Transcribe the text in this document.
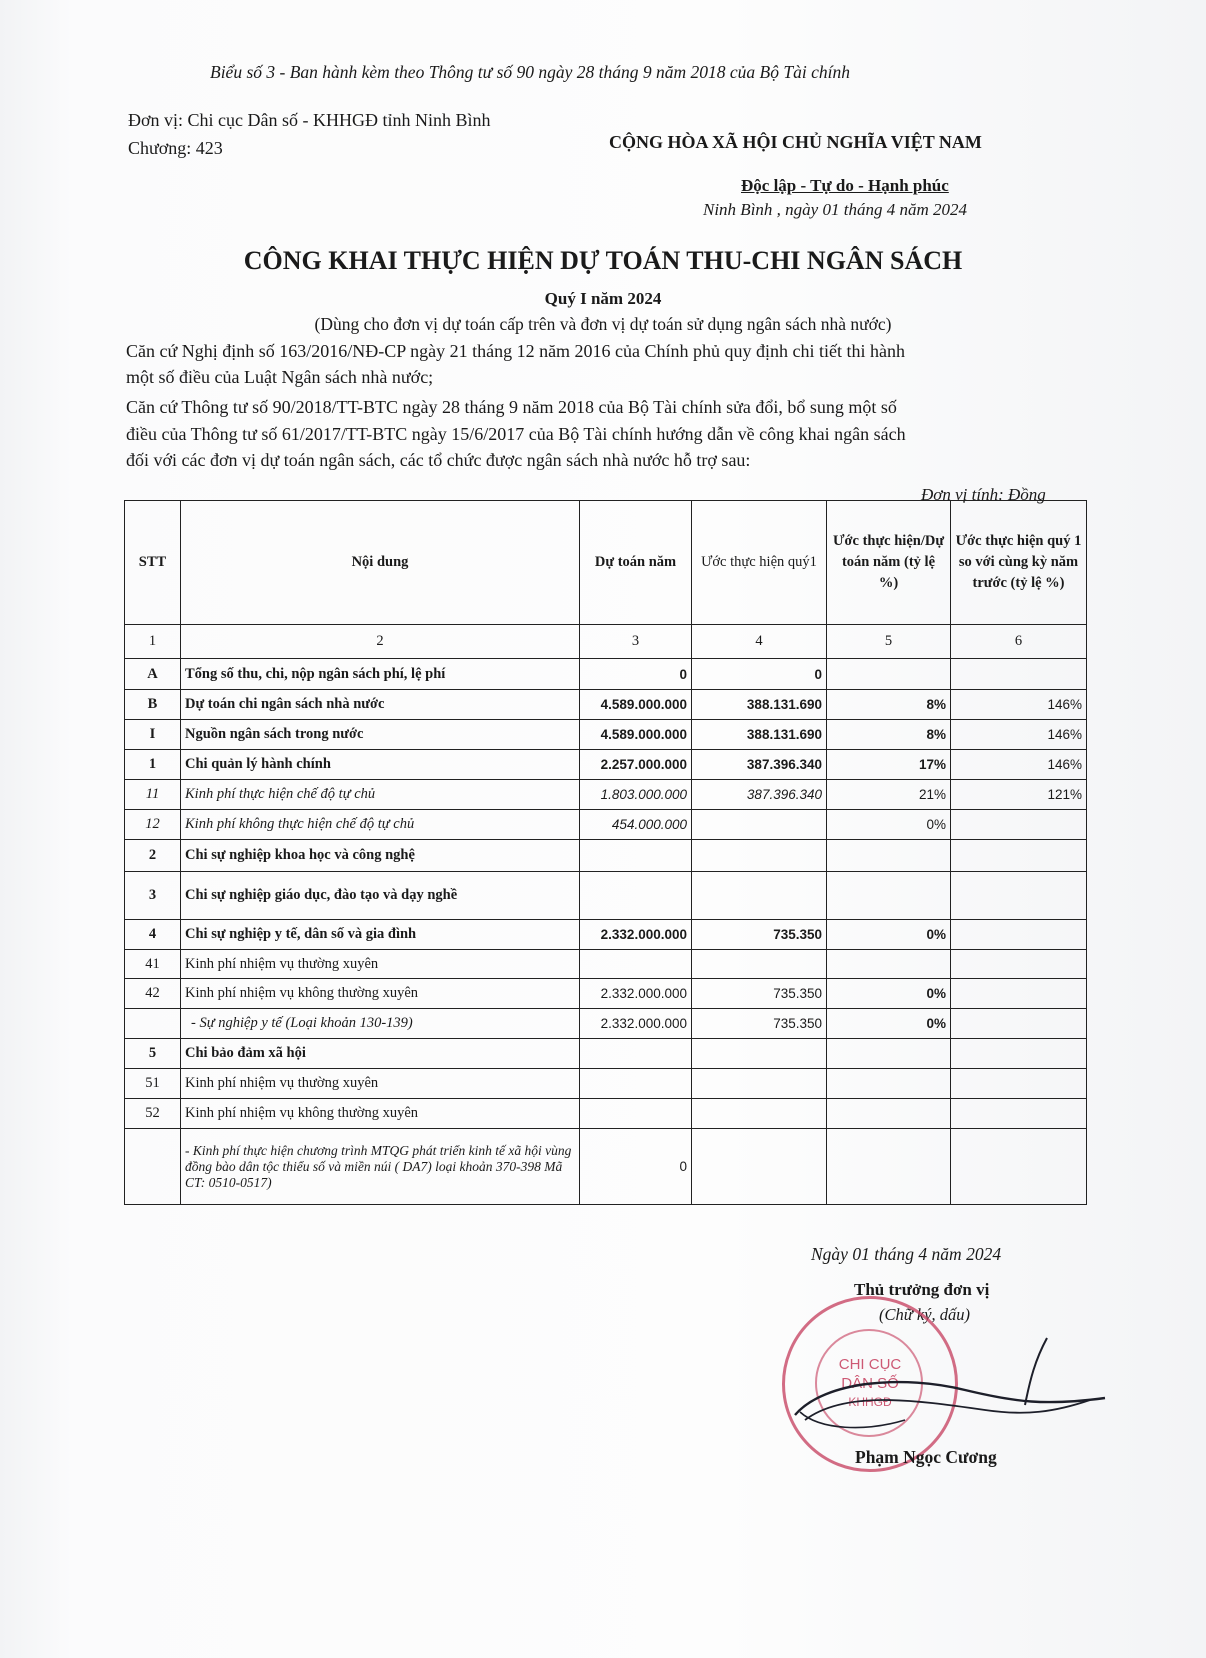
Biểu số 3 - Ban hành kèm theo Thông tư số 90 ngày 28 tháng 9 năm 2018 của Bộ Tài chính
Đơn vị: Chi cục Dân số - KHHGĐ tỉnh Ninh Bình
Chương: 423	CỘNG HÒA XÃ HỘI CHỦ NGHĨA VIỆT NAM
Độc lập - Tự do - Hạnh phúc
Ninh Bình , ngày 01 tháng 4 năm 2024
CÔNG KHAI THỰC HIỆN DỰ TOÁN THU-CHI NGÂN SÁCH
Quý I năm 2024
(Dùng cho đơn vị dự toán cấp trên và đơn vị dự toán sử dụng ngân sách nhà nước)
Căn cứ Nghị định số 163/2016/NĐ-CP ngày 21 tháng 12 năm 2016 của Chính phủ quy định chi tiết thi hành
một số điều của Luật Ngân sách nhà nước;
Căn cứ Thông tư số 90/2018/TT-BTC ngày 28 tháng 9 năm 2018 của Bộ Tài chính sửa đổi, bổ sung một số
điều của Thông tư số 61/2017/TT-BTC ngày 15/6/2017 của Bộ Tài chính hướng dẫn về công khai ngân sách
đối với các đơn vị dự toán ngân sách, các tổ chức được ngân sách nhà nước hỗ trợ sau:
Đơn vị tính: Đồng
STT	Nội dung	Dự toán năm	Ước thực hiện quý1	Ước thực hiện/Dự toán năm (tỷ lệ %)	Ước thực hiện quý 1 so với cùng kỳ năm trước (tỷ lệ %)
1	2	3	4	5	6
A	Tổng số thu, chi, nộp ngân sách phí, lệ phí	0	0		
B	Dự toán chi ngân sách nhà nước	4.589.000.000	388.131.690	8%	146%
I	Nguồn ngân sách trong nước	4.589.000.000	388.131.690	8%	146%
1	Chi quản lý hành chính	2.257.000.000	387.396.340	17%	146%
11	Kinh phí thực hiện chế độ tự chủ	1.803.000.000	387.396.340	21%	121%
12	Kinh phí không thực hiện chế độ tự chủ	454.000.000		0%	
2	Chi sự nghiệp khoa học và công nghệ				
3	Chi sự nghiệp giáo dục, đào tạo và dạy nghề				
4	Chi sự nghiệp y tế, dân số và gia đình	2.332.000.000	735.350	0%	
41	Kinh phí nhiệm vụ thường xuyên				
42	Kinh phí nhiệm vụ không thường xuyên	2.332.000.000	735.350	0%	
	- Sự nghiệp y tế (Loại khoản 130-139)	2.332.000.000	735.350	0%	
5	Chi bảo đảm xã hội				
51	Kinh phí nhiệm vụ thường xuyên				
52	Kinh phí nhiệm vụ không thường xuyên				
	- Kinh phí thực hiện chương trình MTQG phát triển kinh tế xã hội vùng đồng bào dân tộc thiểu số và miền núi ( DA7) loại khoản 370-398 Mã CT: 0510-0517)	0			
Ngày 01 tháng 4 năm 2024
Thủ trưởng đơn vị
(Chữ ký, dấu)
CHI CỤC
DÂN SỐ
KHHGĐ
Phạm Ngọc Cương
